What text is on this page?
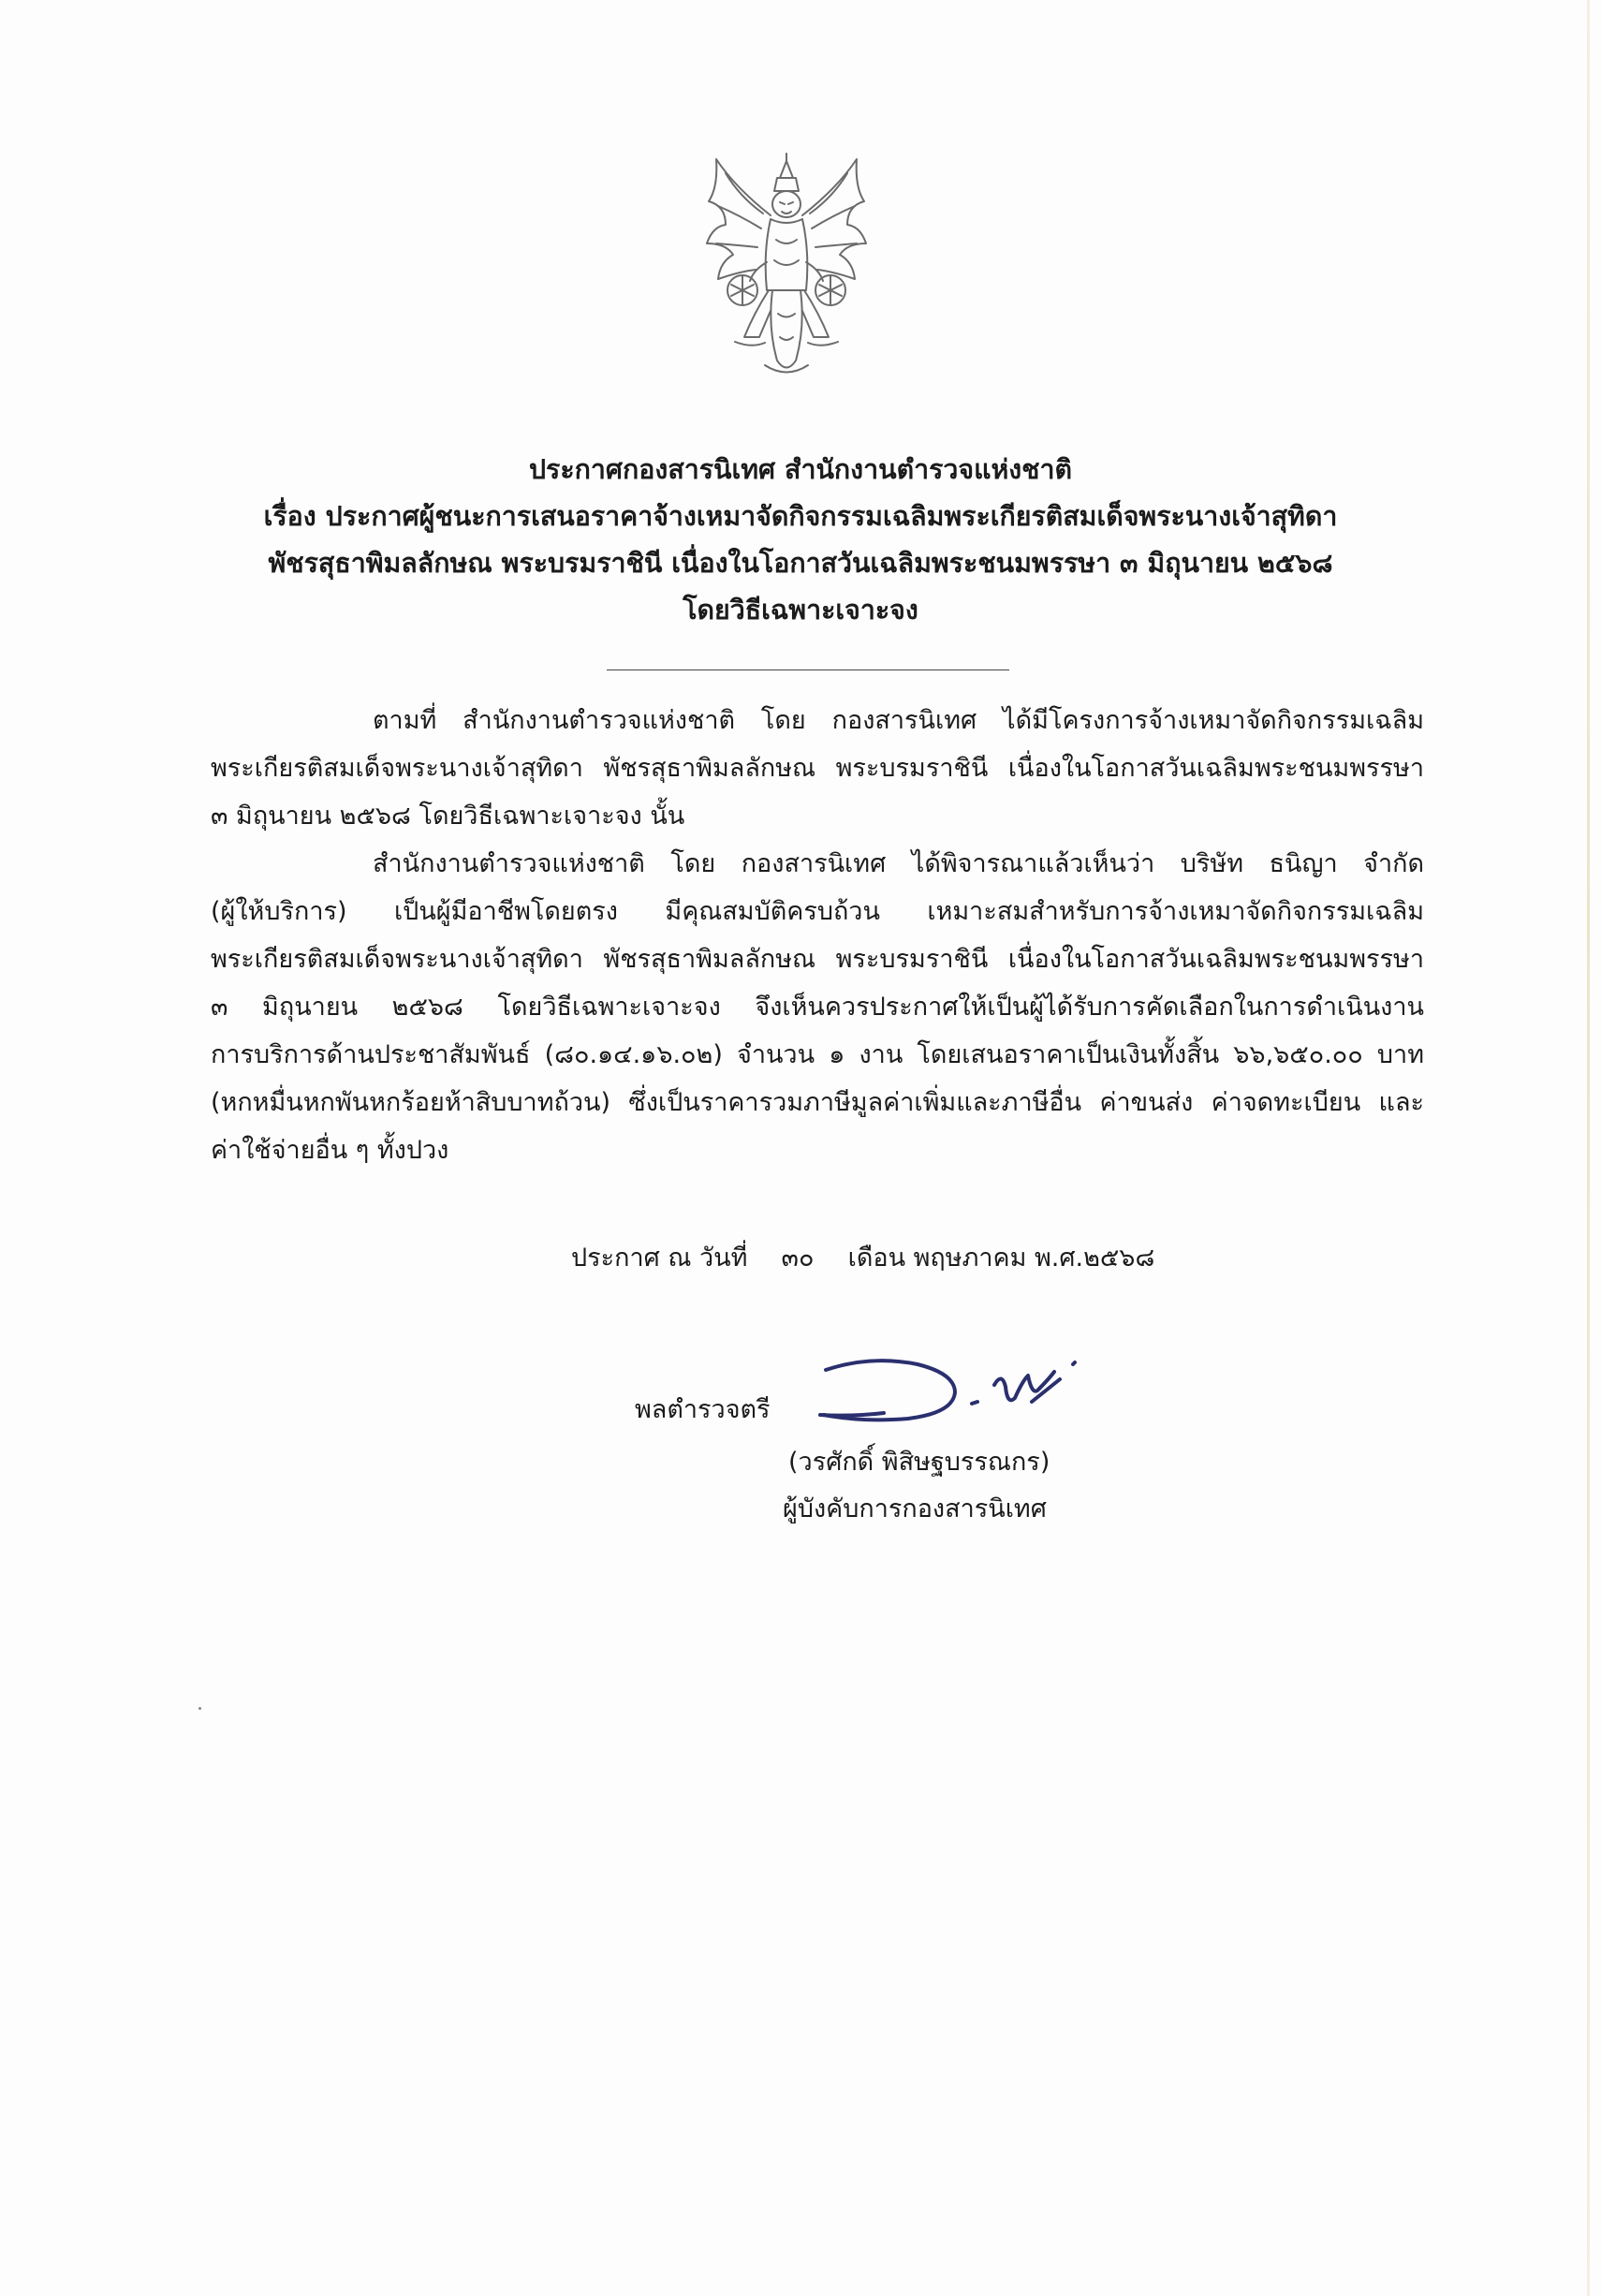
ประกาศกองสารนิเทศ สำนักงานตำรวจแห่งชาติ
เรื่อง ประกาศผู้ชนะการเสนอราคาจ้างเหมาจัดกิจกรรมเฉลิมพระเกียรติสมเด็จพระนางเจ้าสุทิดา
พัชรสุธาพิมลลักษณ พระบรมราชินี เนื่องในโอกาสวันเฉลิมพระชนมพรรษา ๓ มิถุนายน ๒๕๖๘
โดยวิธีเฉพาะเจาะจง
ตามที่ สำนักงานตำรวจแห่งชาติ โดย กองสารนิเทศ ได้มีโครงการจ้างเหมาจัดกิจกรรมเฉลิม
พระเกียรติสมเด็จพระนางเจ้าสุทิดา พัชรสุธาพิมลลักษณ พระบรมราชินี เนื่องในโอกาสวันเฉลิมพระชนมพรรษา
๓ มิถุนายน ๒๕๖๘ โดยวิธีเฉพาะเจาะจง นั้น
สำนักงานตำรวจแห่งชาติ โดย กองสารนิเทศ ได้พิจารณาแล้วเห็นว่า บริษัท ธนิญา จำกัด
(ผู้ให้บริการ) เป็นผู้มีอาชีพโดยตรง มีคุณสมบัติครบถ้วน เหมาะสมสำหรับการจ้างเหมาจัดกิจกรรมเฉลิม
พระเกียรติสมเด็จพระนางเจ้าสุทิดา พัชรสุธาพิมลลักษณ พระบรมราชินี เนื่องในโอกาสวันเฉลิมพระชนมพรรษา
๓ มิถุนายน ๒๕๖๘ โดยวิธีเฉพาะเจาะจง จึงเห็นควรประกาศให้เป็นผู้ได้รับการคัดเลือกในการดำเนินงาน
การบริการด้านประชาสัมพันธ์ (๘๐.๑๔.๑๖.๐๒) จำนวน ๑ งาน โดยเสนอราคาเป็นเงินทั้งสิ้น ๖๖,๖๕๐.๐๐ บาท
(หกหมื่นหกพันหกร้อยห้าสิบบาทถ้วน) ซึ่งเป็นราคารวมภาษีมูลค่าเพิ่มและภาษีอื่น ค่าขนส่ง ค่าจดทะเบียน และ
ค่าใช้จ่ายอื่น ๆ ทั้งปวง
ประกาศ ณ วันที่ ๓๐ เดือน พฤษภาคม พ.ศ.๒๕๖๘
พลตำรวจตรี
(วรศักดิ์ พิสิษฐบรรณกร)
ผู้บังคับการกองสารนิเทศ
